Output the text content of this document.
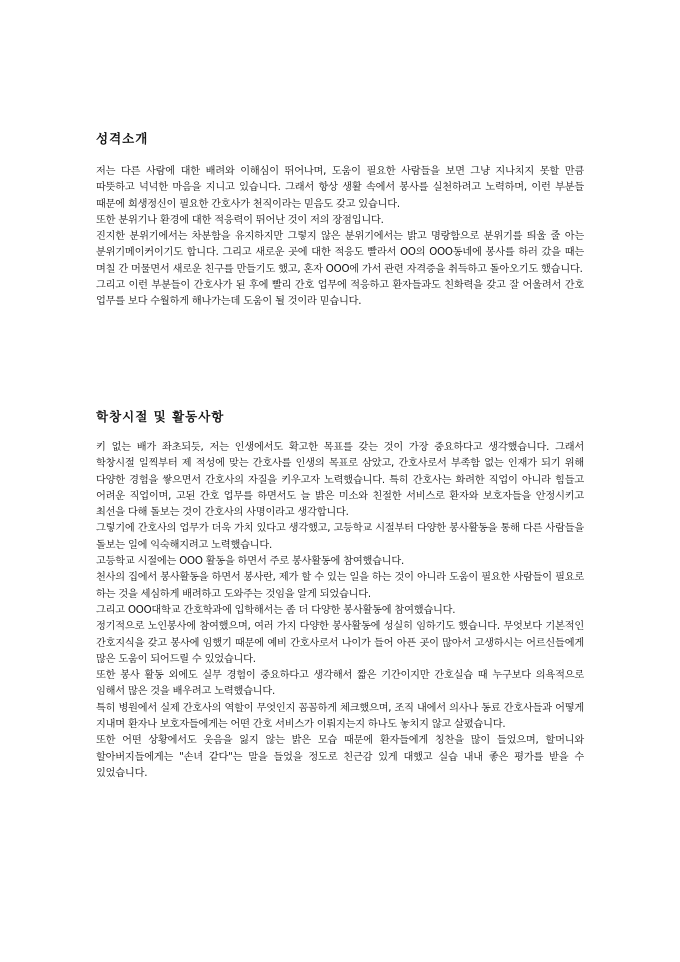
성격소개

저는 다른 사람에 대한 배려와 이해심이 뛰어나며, 도움이 필요한 사람들을 보면 그냥 지나치지 못할 만큼 따뜻하고 넉넉한 마음을 지니고 있습니다. 그래서 항상 생활 속에서 봉사를 실천하려고 노력하며, 이런 부분들 때문에 희생정신이 필요한 간호사가 천직이라는 믿음도 갖고 있습니다.

또한 분위기나 환경에 대한 적응력이 뛰어난 것이 저의 장점입니다.

진지한 분위기에서는 차분함을 유지하지만 그렇지 않은 분위기에서는 밝고 명랑함으로 분위기를 띄울 줄 아는 분위기메이커이기도 합니다. 그리고 새로운 곳에 대한 적응도 빨라서 OO의 OOO동네에 봉사를 하러 갔을 때는 며칠 간 머물면서 새로운 친구를 만들기도 했고, 혼자 OOO에 가서 관련 자격증을 취득하고 돌아오기도 했습니다.

그리고 이런 부분들이 간호사가 된 후에 빨리 간호 업무에 적응하고 환자들과도 친화력을 갖고 잘 어울려서 간호 업무를 보다 수월하게 해나가는데 도움이 될 것이라 믿습니다.

학창시절 및 활동사항

키 없는 배가 좌초되듯, 저는 인생에서도 확고한 목표를 갖는 것이 가장 중요하다고 생각했습니다. 그래서 학창시절 일찍부터 제 적성에 맞는 간호사를 인생의 목표로 삼았고, 간호사로서 부족함 없는 인재가 되기 위해 다양한 경험을 쌓으면서 간호사의 자질을 키우고자 노력했습니다. 특히 간호사는 화려한 직업이 아니라 힘들고 어려운 직업이며, 고된 간호 업무를 하면서도 늘 밝은 미소와 친절한 서비스로 환자와 보호자들을 안정시키고 최선을 다해 돌보는 것이 간호사의 사명이라고 생각합니다.

그렇기에 간호사의 업무가 더욱 가치 있다고 생각했고, 고등학교 시절부터 다양한 봉사활동을 통해 다른 사람들을 돌보는 일에 익숙해지려고 노력했습니다.

고등학교 시절에는 OOO 활동을 하면서 주로 봉사활동에 참여했습니다.

천사의 집에서 봉사활동을 하면서 봉사란, 제가 할 수 있는 일을 하는 것이 아니라 도움이 필요한 사람들이 필요로 하는 것을 세심하게 배려하고 도와주는 것임을 알게 되었습니다.

그리고 OOO대학교 간호학과에 입학해서는 좀 더 다양한 봉사활동에 참여했습니다.

정기적으로 노인봉사에 참여했으며, 여러 가지 다양한 봉사활동에 성실히 임하기도 했습니다. 무엇보다 기본적인 간호지식을 갖고 봉사에 임했기 때문에 예비 간호사로서 나이가 들어 아픈 곳이 많아서 고생하시는 어르신들에게 많은 도움이 되어드릴 수 있었습니다.

또한 봉사 활동 외에도 실무 경험이 중요하다고 생각해서 짧은 기간이지만 간호실습 때 누구보다 의욕적으로 임해서 많은 것을 배우려고 노력했습니다.

특히 병원에서 실제 간호사의 역할이 무엇인지 꼼꼼하게 체크했으며, 조직 내에서 의사나 동료 간호사들과 어떻게 지내며 환자나 보호자들에게는 어떤 간호 서비스가 이뤄지는지 하나도 놓치지 않고 살폈습니다.

또한 어떤 상황에서도 웃음을 잃지 않는 밝은 모습 때문에 환자들에게 칭찬을 많이 들었으며, 할머니와 할아버지들에게는 "손녀 같다"는 말을 들었을 정도로 친근감 있게 대했고 실습 내내 좋은 평가를 받을 수 있었습니다.
